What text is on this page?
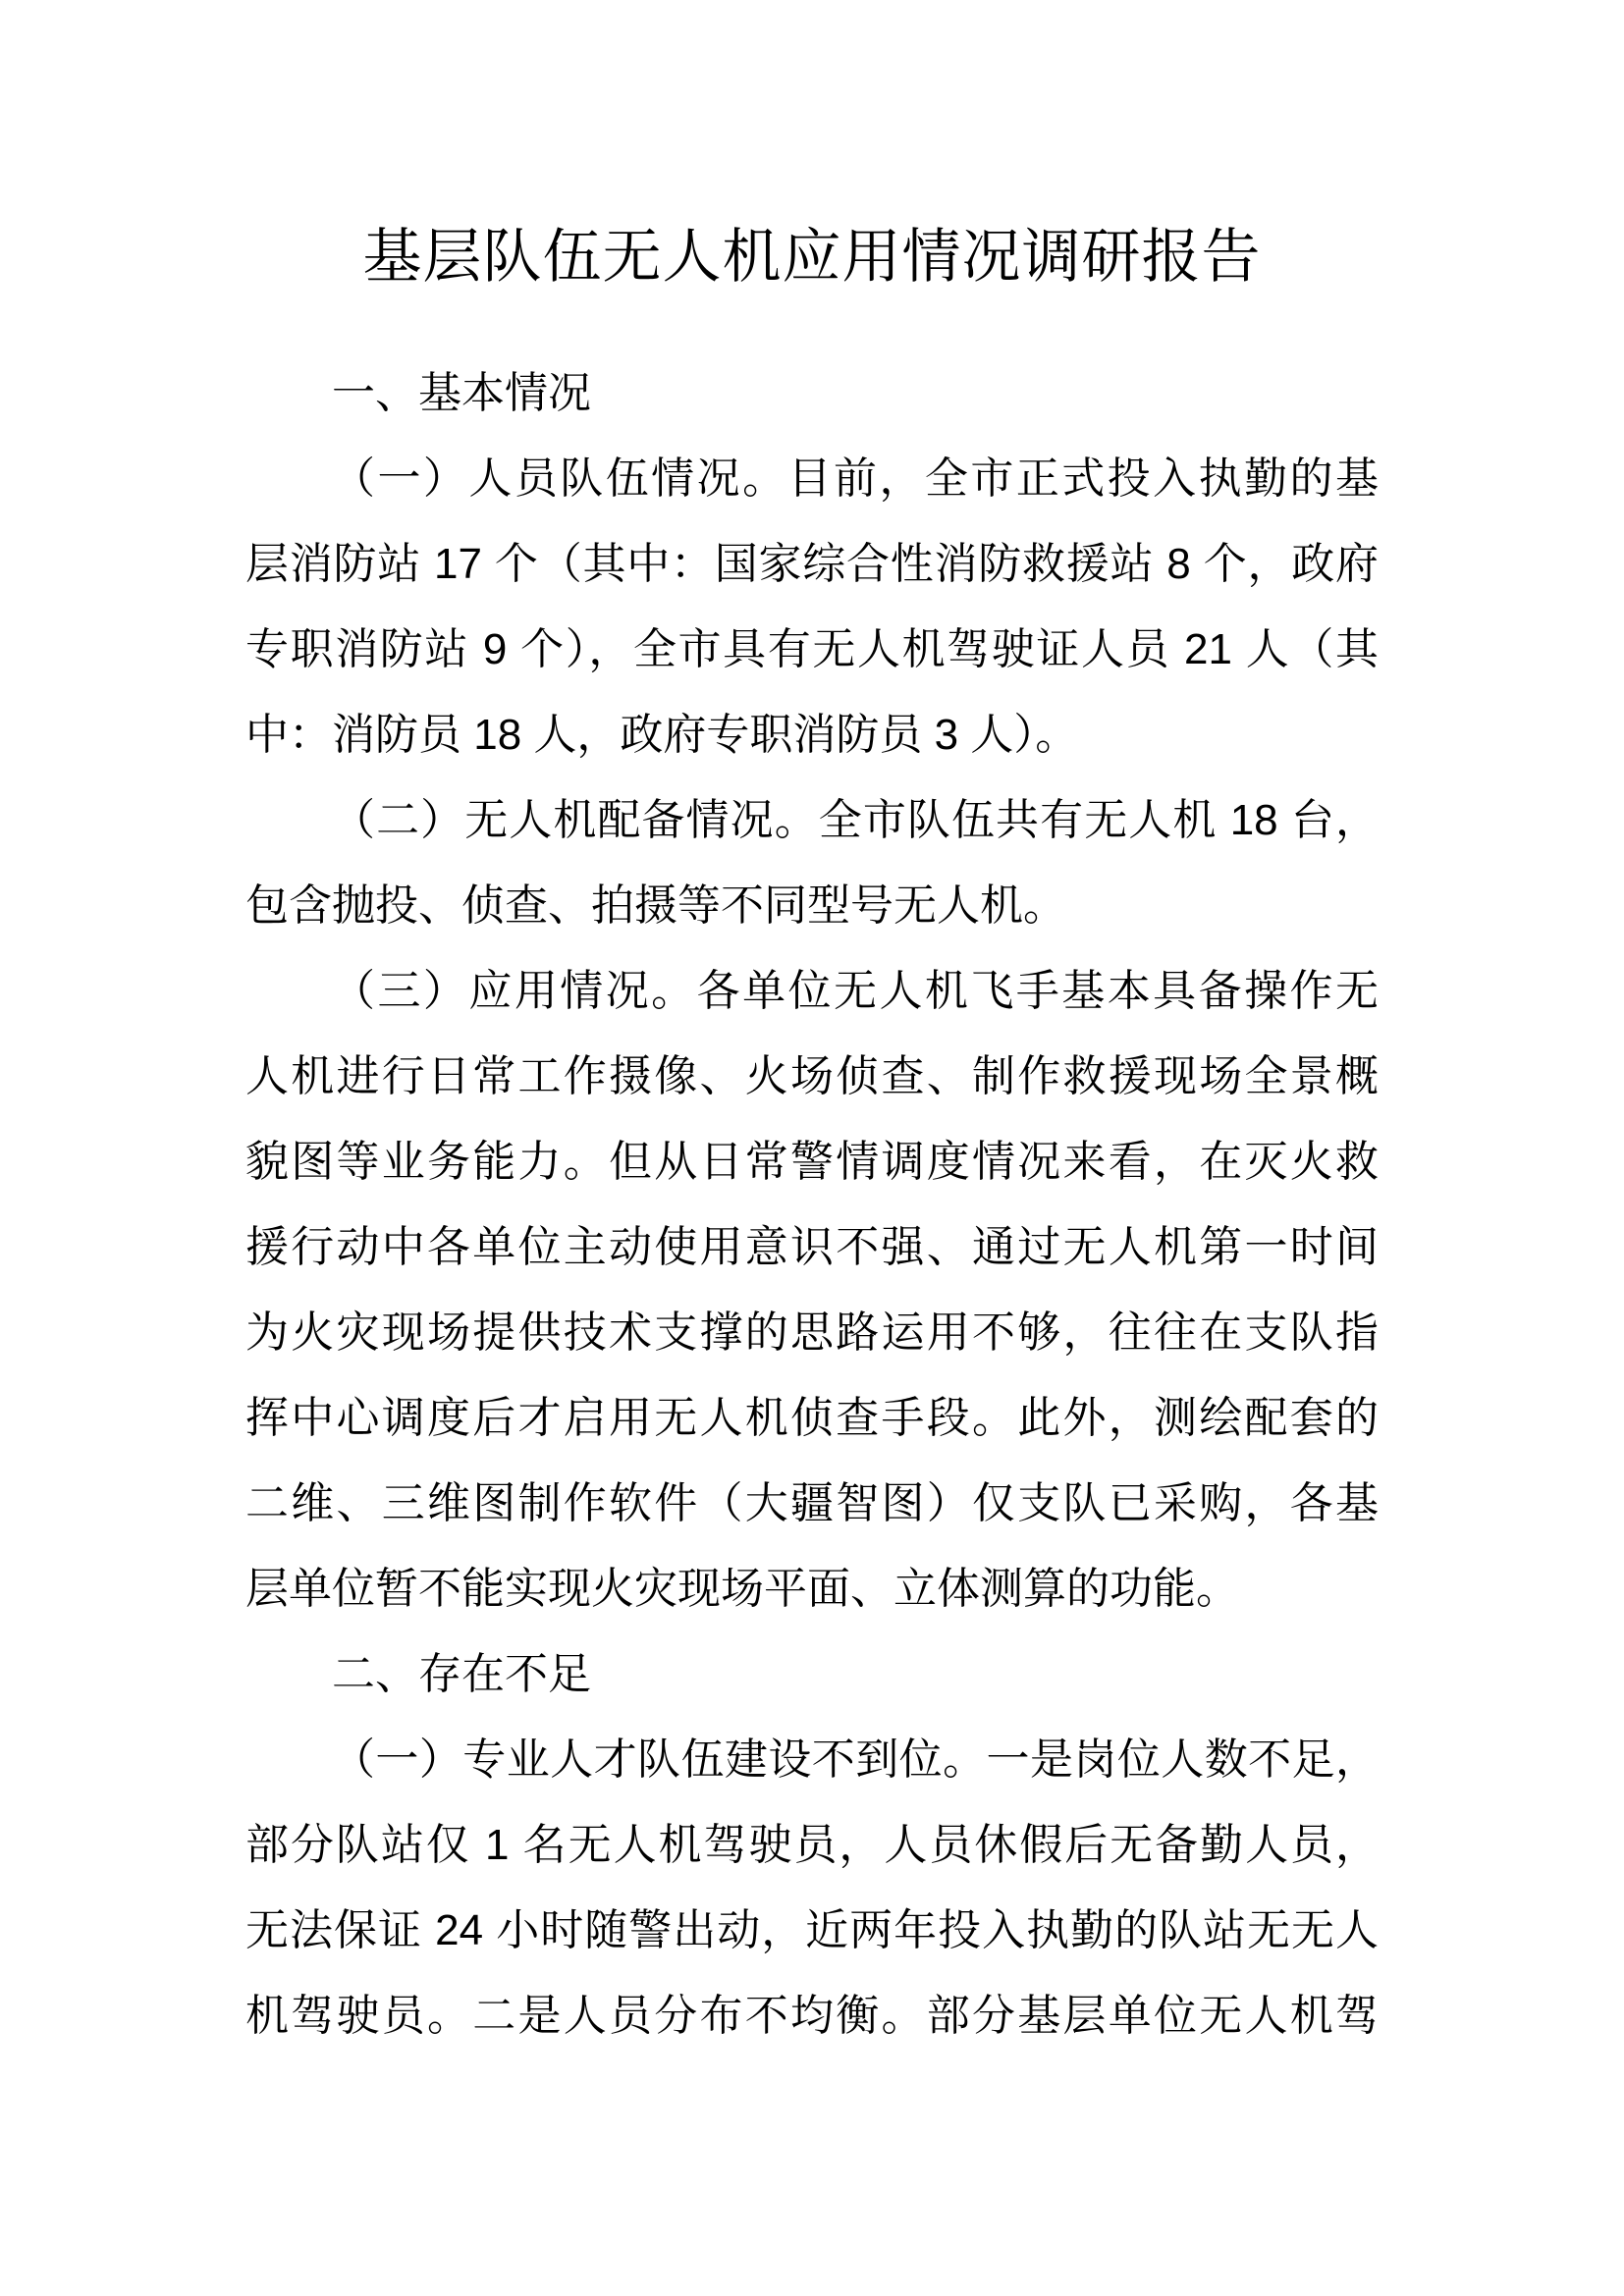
基层队伍无人机应用情况调研报告
一、基本情况
（一）人员队伍情况。目前，全市正式投入执勤的基
层消防站 17 个（其中：国家综合性消防救援站 8 个，政府
专职消防站 9 个），全市具有无人机驾驶证人员 21 人（其
中：消防员 18 人，政府专职消防员 3 人）。
（二）无人机配备情况。全市队伍共有无人机 18 台，
包含抛投、侦查、拍摄等不同型号无人机。
（三）应用情况。各单位无人机飞手基本具备操作无
人机进行日常工作摄像、火场侦查、制作救援现场全景概
貌图等业务能力。但从日常警情调度情况来看，在灭火救
援行动中各单位主动使用意识不强、通过无人机第一时间
为火灾现场提供技术支撑的思路运用不够，往往在支队指
挥中心调度后才启用无人机侦查手段。此外，测绘配套的
二维、三维图制作软件（大疆智图）仅支队已采购，各基
层单位暂不能实现火灾现场平面、立体测算的功能。
二、存在不足
（一）专业人才队伍建设不到位。一是岗位人数不足，
部分队站仅 1 名无人机驾驶员，人员休假后无备勤人员，
无法保证 24 小时随警出动，近两年投入执勤的队站无无人
机驾驶员。二是人员分布不均衡。部分基层单位无人机驾
